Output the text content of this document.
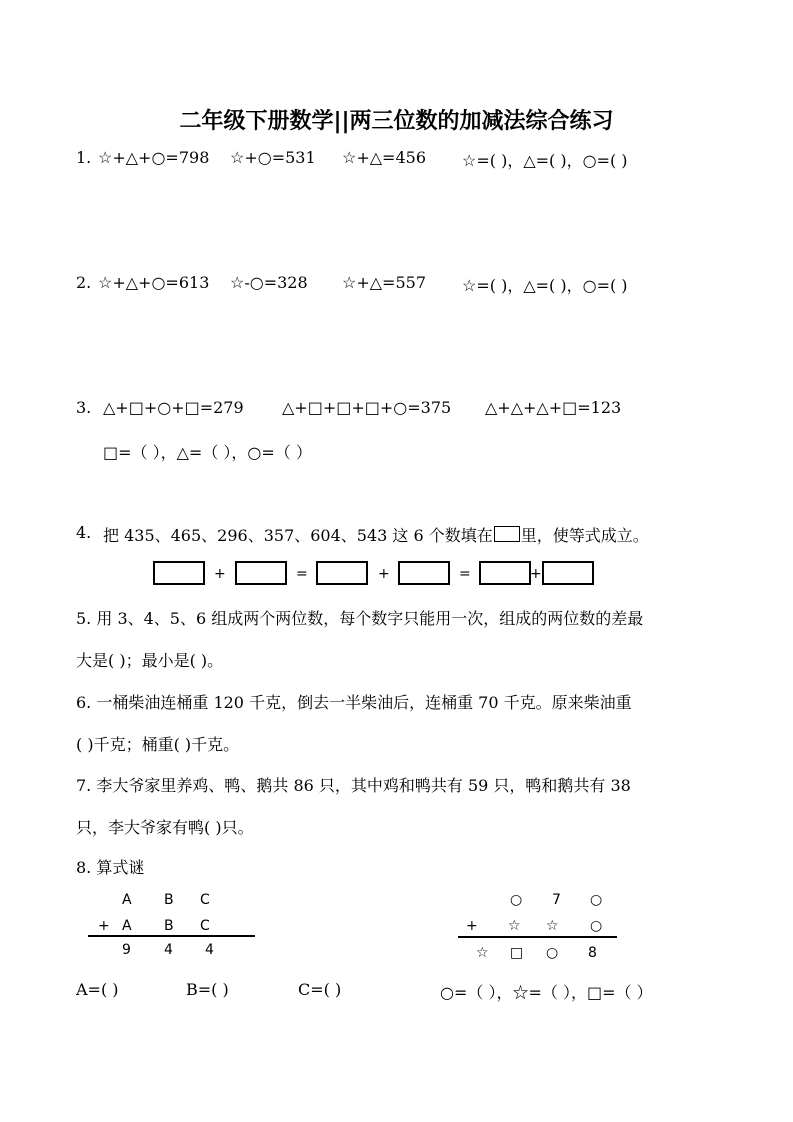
二年级下册数学||两三位数的加减法综合练习
1. ☆+△+○=798 ☆+○=531 ☆+△=456 ☆=( )，△=( )，○=( )
2. ☆+△+○=613 ☆-○=328 ☆+△=557 ☆=( )，△=( )，○=( )
3. △+□+○+□=279 △+□+□+□+○=375 △+△+△+□=123
□=（ ），△=（ ），○=（ ）
4. 把 435、465、296、357、604、543 这 6 个数填在 里，使等式成立。
+	=	+	=	+
5. 用 3、4、5、6 组成两个两位数，每个数字只能用一次，组成的两位数的差最
大是( )；最小是( )。
6. 一桶柴油连桶重 120 千克，倒去一半柴油后，连桶重 70 千克。原来柴油重
( )千克；桶重( )千克。
7. 李大爷家里养鸡、鸭、鹅共 86 只，其中鸡和鸭共有 59 只，鸭和鹅共有 38
只，李大爷家有鸭( )只。
8. 算式谜
A B C
+ A B C
9 4 4
A=( )	B=( )	C=( )
○ 7 ○
+ ☆ ☆ ○
☆ □ ○ 8
○=（ ），☆=（ ），□=（ ）
